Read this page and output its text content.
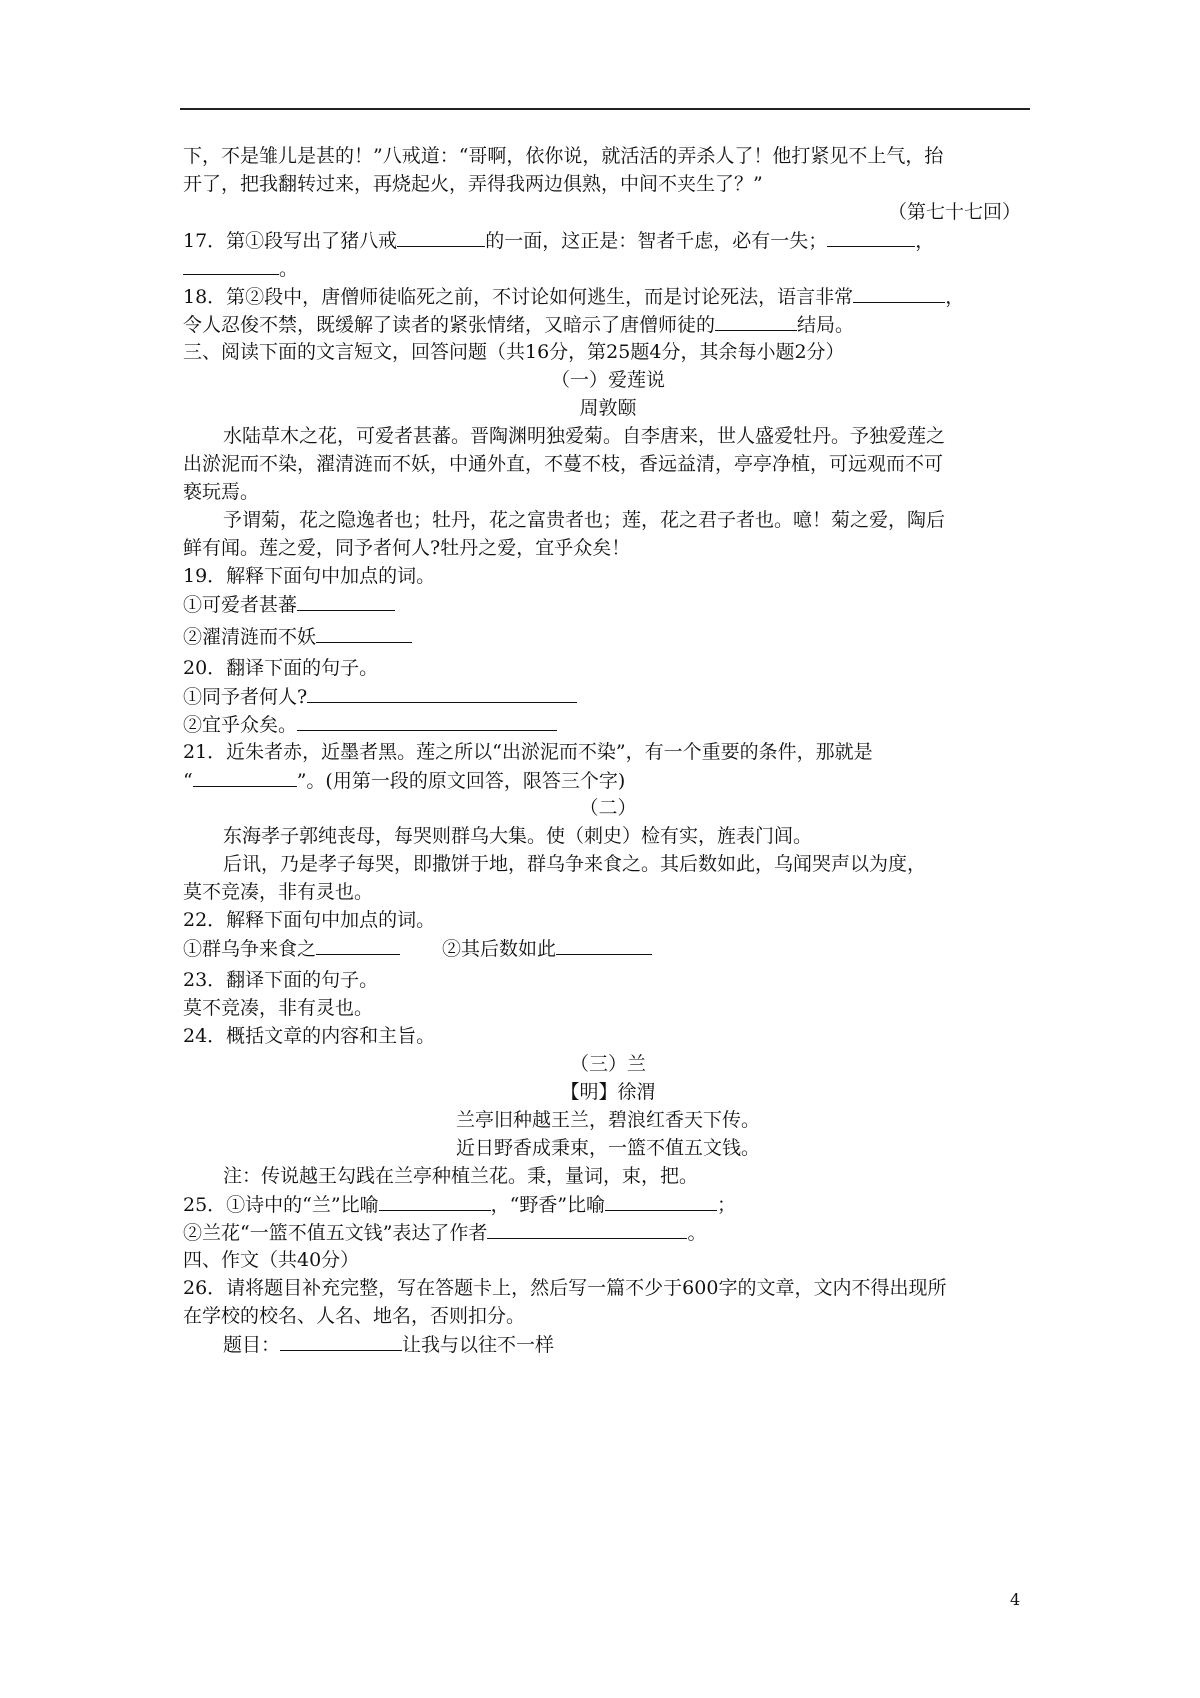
下，不是雏儿是甚的！”八戒道：“哥啊，依你说，就活活的弄杀人了！他打紧见不上气，抬
开了，把我翻转过来，再烧起火，弄得我两边俱熟，中间不夹生了？”
（第七十七回）
17．第①段写出了猪八戒	的一面，这正是：智者千虑，必有一失；	，
。
18．第②段中，唐僧师徒临死之前，不讨论如何逃生，而是讨论死法，语言非常	，
令人忍俊不禁，既缓解了读者的紧张情绪，又暗示了唐僧师徒的	结局。
三、阅读下面的文言短文，回答问题（共16分，第25题4分，其余每小题2分）
（一）爱莲说
周敦颐
水陆草木之花，可爱者甚蕃。晋陶渊明独爱菊。自李唐来，世人盛爱牡丹。予独爱莲之
出淤泥而不染，濯清涟而不妖，中通外直，不蔓不枝，香远益清，亭亭净植，可远观而不可
亵玩焉。
予谓菊，花之隐逸者也；牡丹，花之富贵者也；莲，花之君子者也。噫！菊之爱，陶后
鲜有闻。莲之爱，同予者何人?牡丹之爱，宜乎众矣！
19．解释下面句中加点的词。
①可爱者甚蕃
②濯清涟而不妖
20．翻译下面的句子。
①同予者何人?
②宜乎众矣。
21．近朱者赤，近墨者黑。莲之所以“出淤泥而不染”，有一个重要的条件，那就是
“	”。(用第一段的原文回答，限答三个字)
（二）
东海孝子郭纯丧母，每哭则群乌大集。使（刺史）检有实，旌表门闾。
后讯，乃是孝子每哭，即撒饼于地，群乌争来食之。其后数如此，乌闻哭声以为度，
莫不竞凑，非有灵也。
22．解释下面句中加点的词。
①群乌争来食之	②其后数如此
23．翻译下面的句子。
莫不竞凑，非有灵也。
24．概括文章的内容和主旨。
（三）兰
【明】徐渭
兰亭旧种越王兰，碧浪红香天下传。
近日野香成秉束，一篮不值五文钱。
注：传说越王勾践在兰亭种植兰花。秉，量词，束，把。
25．①诗中的“兰”比喻	，“野香”比喻	；
②兰花“一篮不值五文钱”表达了作者	。
四、作文（共40分）
26．请将题目补充完整，写在答题卡上，然后写一篇不少于600字的文章，文内不得出现所
在学校的校名、人名、地名，否则扣分。
题目：	让我与以往不一样
4
